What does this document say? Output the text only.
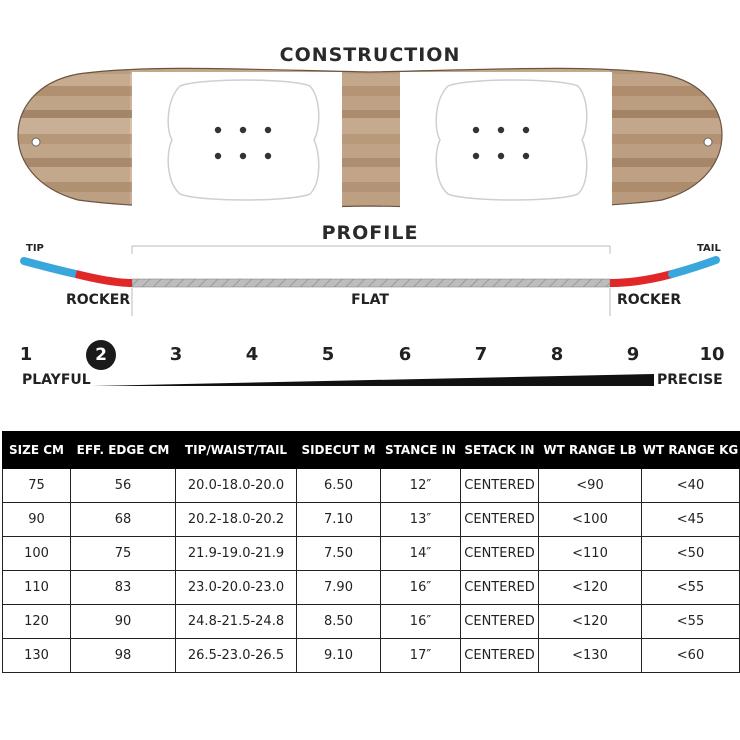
CONSTRUCTION
PROFILE
TIP	TAIL
ROCKER	FLAT	ROCKER
1	2	3	4	5	6	7	8	9	10
PLAYFUL	PRECISE
SIZE CM	EFF. EDGE CM	TIP/WAIST/TAIL	SIDECUT M	STANCE IN	SETACK IN	WT RANGE LB	WT RANGE KG
75	56	20.0-18.0-20.0	6.50	12″	CENTERED	<90	<40
90	68	20.2-18.0-20.2	7.10	13″	CENTERED	<100	<45
100	75	21.9-19.0-21.9	7.50	14″	CENTERED	<110	<50
110	83	23.0-20.0-23.0	7.90	16″	CENTERED	<120	<55
120	90	24.8-21.5-24.8	8.50	16″	CENTERED	<120	<55
130	98	26.5-23.0-26.5	9.10	17″	CENTERED	<130	<60
